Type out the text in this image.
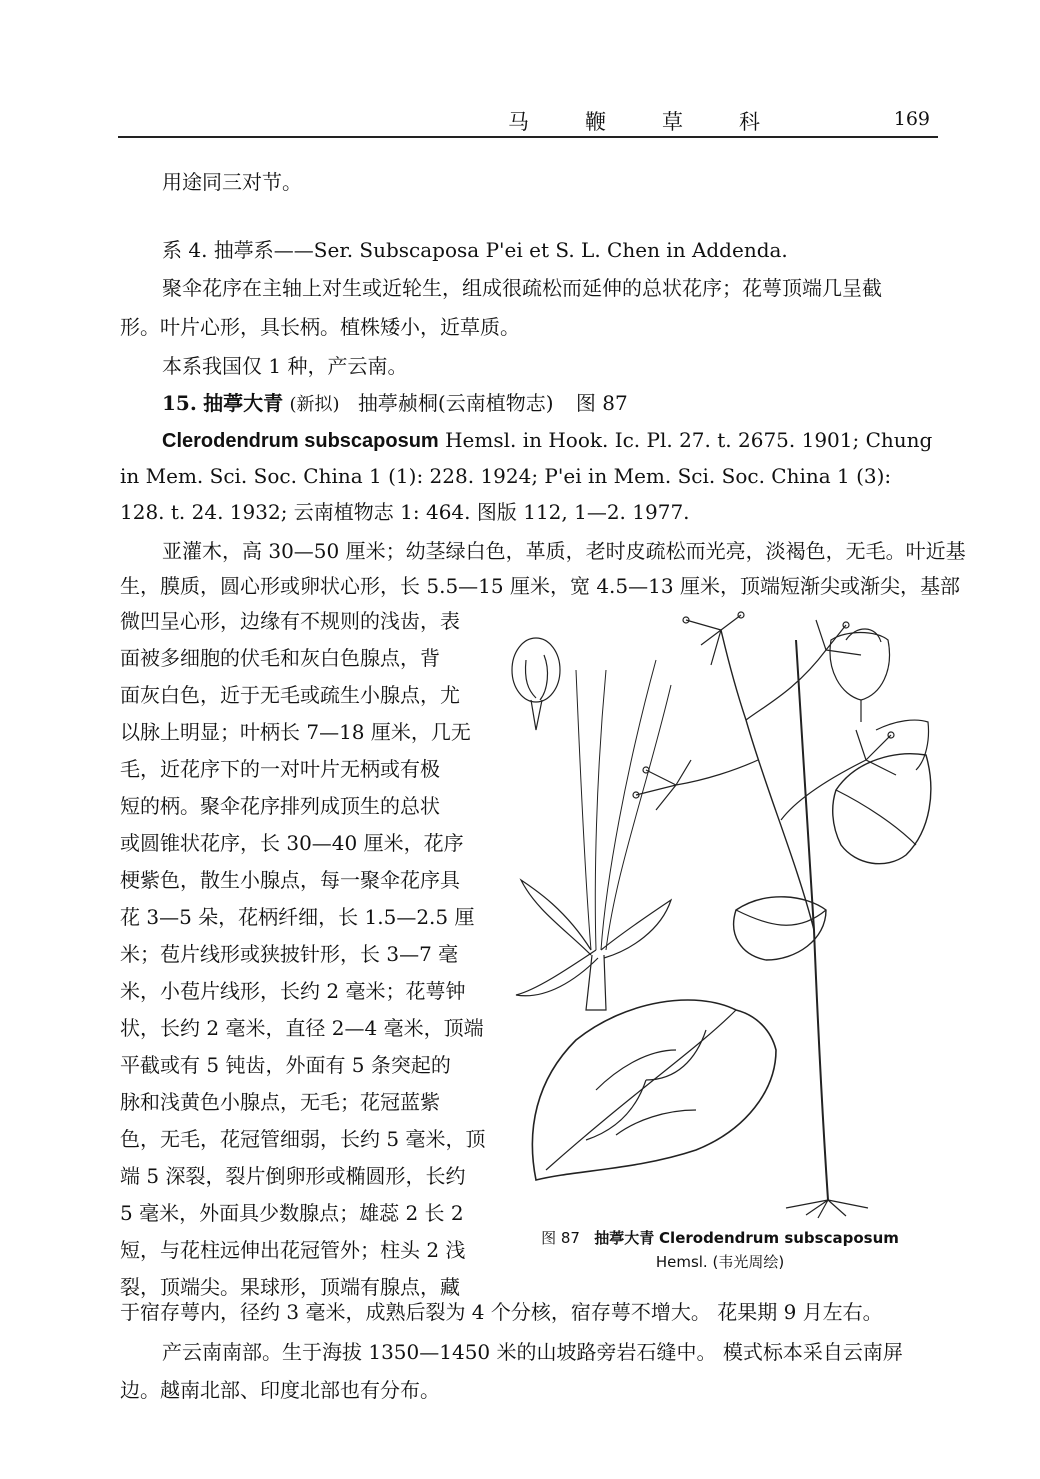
马鞭草科	169
用途同三对节。
系 4. 抽葶系——Ser. Subscaposa P'ei et S. L. Chen in Addenda.
聚伞花序在主轴上对生或近轮生，组成很疏松而延伸的总状花序；花萼顶端几呈截
形。叶片心形，具长柄。植株矮小，近草质。
本系我国仅 1 种，产云南。
15. 抽葶大青 (新拟) 抽葶赪桐(云南植物志) 图 87
Clerodendrum subscaposum Hemsl. in Hook. Ic. Pl. 27. t. 2675. 1901; Chung
in Mem. Sci. Soc. China 1 (1): 228. 1924; P'ei in Mem. Sci. Soc. China 1 (3):
128. t. 24. 1932; 云南植物志 1: 464. 图版 112, 1—2. 1977.
亚灌木，高 30—50 厘米；幼茎绿白色，革质，老时皮疏松而光亮，淡褐色，无毛。叶近基
生，膜质，圆心形或卵状心形，长 5.5—15 厘米，宽 4.5—13 厘米，顶端短渐尖或渐尖，基部
微凹呈心形，边缘有不规则的浅齿，表
面被多细胞的伏毛和灰白色腺点，背
面灰白色，近于无毛或疏生小腺点，尤
以脉上明显；叶柄长 7—18 厘米，几无
毛，近花序下的一对叶片无柄或有极
短的柄。聚伞花序排列成顶生的总状
或圆锥状花序，长 30—40 厘米，花序
梗紫色，散生小腺点，每一聚伞花序具
花 3—5 朵，花柄纤细，长 1.5—2.5 厘
米；苞片线形或狭披针形，长 3—7 毫
米，小苞片线形，长约 2 毫米；花萼钟
状，长约 2 毫米，直径 2—4 毫米，顶端
平截或有 5 钝齿，外面有 5 条突起的
脉和浅黄色小腺点，无毛；花冠蓝紫
色，无毛，花冠管细弱，长约 5 毫米，顶
端 5 深裂，裂片倒卵形或椭圆形，长约
5 毫米，外面具少数腺点；雄蕊 2 长 2
短，与花柱远伸出花冠管外；柱头 2 浅
裂，顶端尖。果球形，顶端有腺点，藏
于宿存萼内，径约 3 毫米，成熟后裂为 4 个分核，宿存萼不增大。 花果期 9 月左右。
产云南南部。生于海拔 1350—1450 米的山坡路旁岩石缝中。 模式标本采自云南屏
边。越南北部、印度北部也有分布。
图 87 抽葶大青 Clerodendrum subscaposum
Hemsl. (韦光周绘)
